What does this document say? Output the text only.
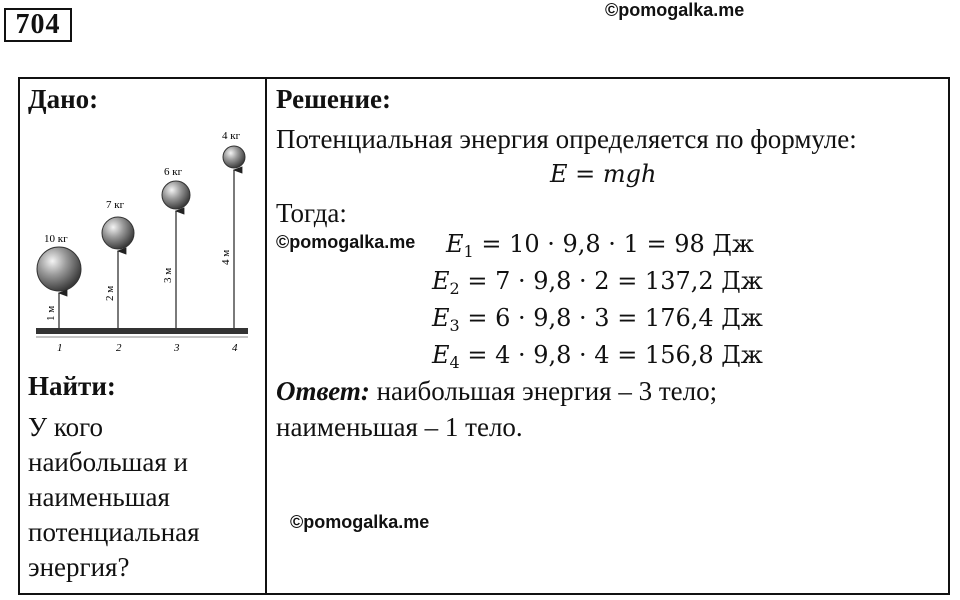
704	©pomogalka.me
Дано:
10 кг
1 м
1
7 кг
2 м
2
6 кг
3 м
3
4 кг
4 м
4
Найти:
У кого
наибольшая и
наименьшая
потенциальная
энергия?
Решение:
Потенциальная энергия определяется по формуле:
E = mgh
Тогда:
©pomogalka.me $E_1 = 10 \cdot 9,8 \cdot 1 = 98$ Дж
$E_2 = 7 \cdot 9,8 \cdot 2 = 137,2$ Дж
$E_3 = 6 \cdot 9,8 \cdot 3 = 176,4$ Дж
$E_4 = 4 \cdot 9,8 \cdot 4 = 156,8$ Дж
Ответ: наибольшая энергия – 3 тело;
наименьшая – 1 тело.
©pomogalka.me
